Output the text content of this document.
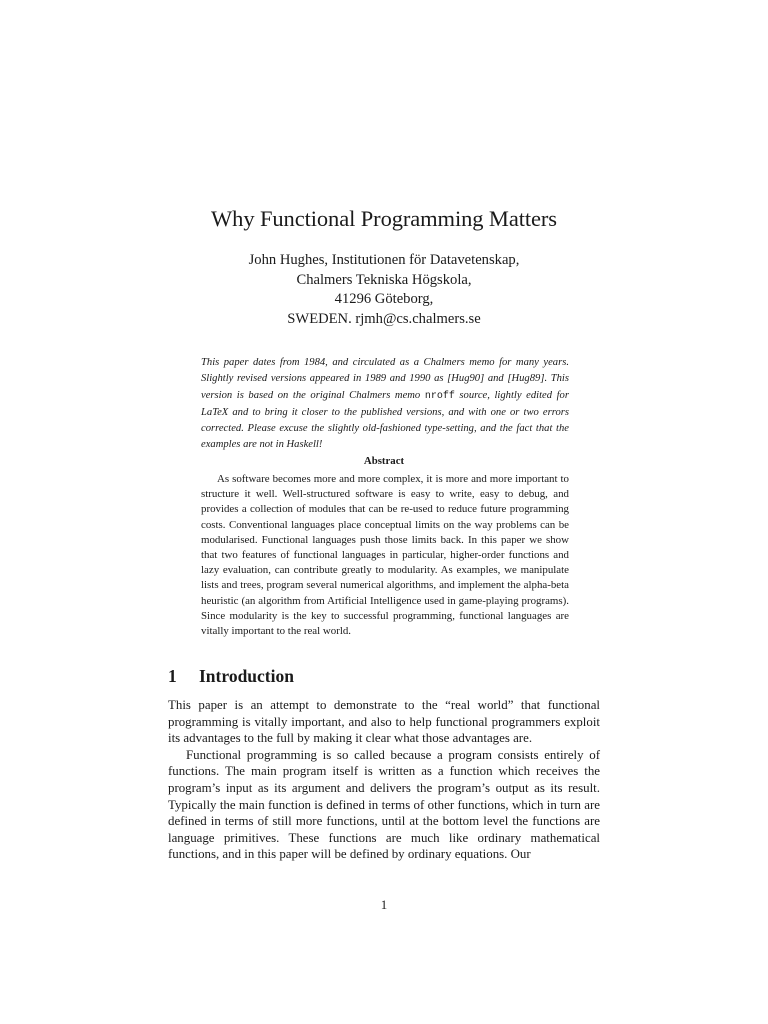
Why Functional Programming Matters
John Hughes, Institutionen för Datavetenskap,
Chalmers Tekniska Högskola,
41296 Göteborg,
SWEDEN. rjmh@cs.chalmers.se
This paper dates from 1984, and circulated as a Chalmers memo for many years. Slightly revised versions appeared in 1989 and 1990 as [Hug90] and [Hug89]. This version is based on the original Chalmers memo nroff source, lightly edited for LaTeX and to bring it closer to the published versions, and with one or two errors corrected. Please excuse the slightly old-fashioned type-setting, and the fact that the examples are not in Haskell!
Abstract
As software becomes more and more complex, it is more and more important to structure it well. Well-structured software is easy to write, easy to debug, and provides a collection of modules that can be re-used to reduce future programming costs. Conventional languages place conceptual limits on the way problems can be modularised. Functional languages push those limits back. In this paper we show that two features of functional languages in particular, higher-order functions and lazy evaluation, can contribute greatly to modularity. As examples, we manipulate lists and trees, program several numerical algorithms, and implement the alpha-beta heuristic (an algorithm from Artificial Intelligence used in game-playing programs). Since modularity is the key to successful programming, functional languages are vitally important to the real world.
1 Introduction

This paper is an attempt to demonstrate to the “real world” that functional programming is vitally important, and also to help functional programmers exploit its advantages to the full by making it clear what those advantages are.

Functional programming is so called because a program consists entirely of functions. The main program itself is written as a function which receives the program’s input as its argument and delivers the program’s output as its result. Typically the main function is defined in terms of other functions, which in turn are defined in terms of still more functions, until at the bottom level the functions are language primitives. These functions are much like ordinary mathematical functions, and in this paper will be defined by ordinary equations. Our

1
